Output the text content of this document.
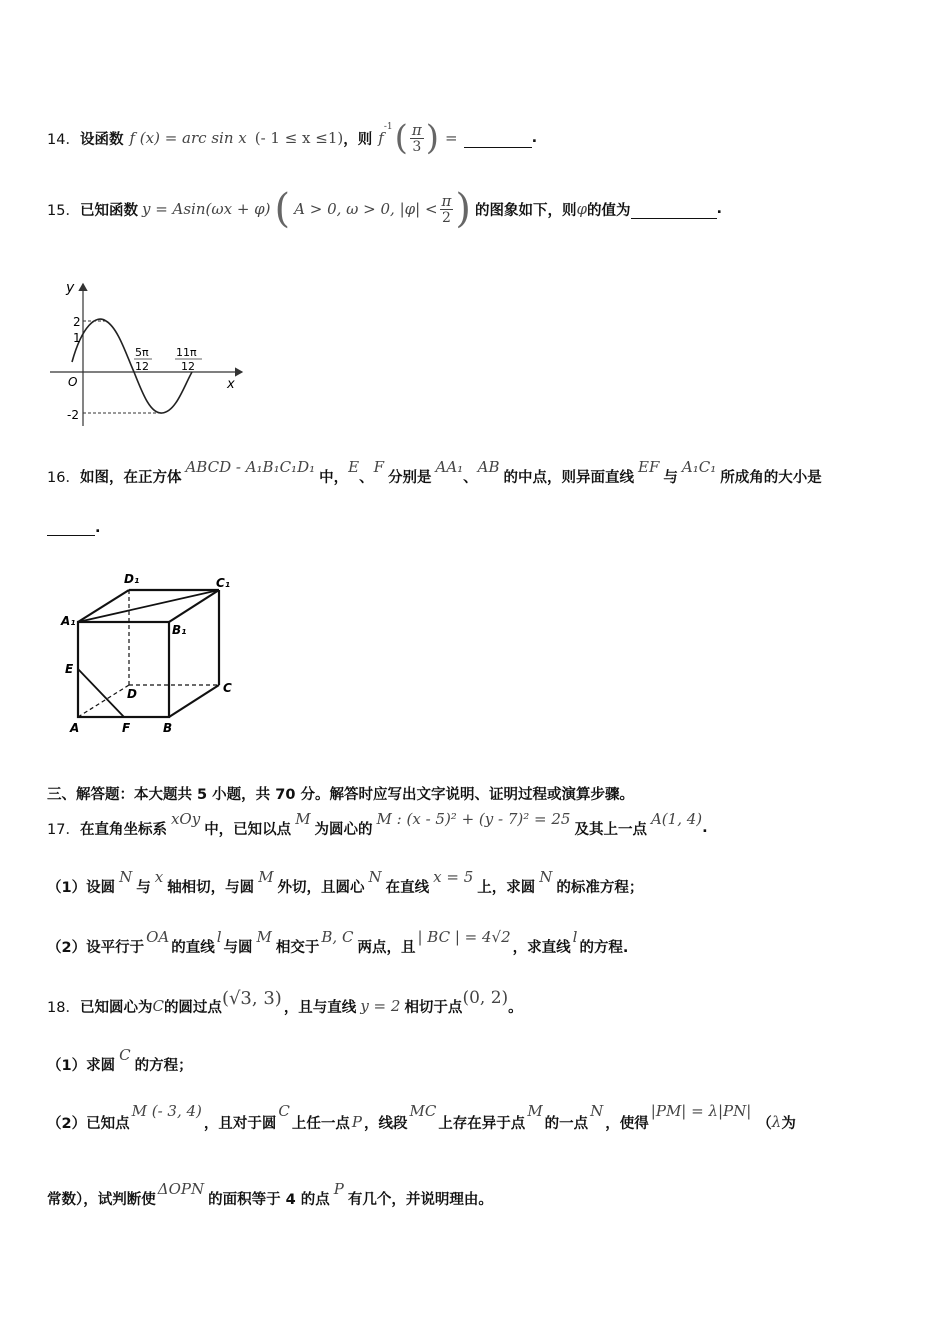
14． 设函数 f (x) = arc sin x (- 1 ≤ x ≤1) ，则 f
$^{-1}$ ( $\frac{\pi}{3}$ ) =	.
15． 已知函数 y = Asin(ωx + φ) ( A > 0, ω > 0, $|\varphi| < \frac{\pi}{2}$ ) 的图象如下，则 φ 的值为	.
y
2
1
-2
O	x
5π
12
11π
12
16． 如图，在正方体
ABCD - A₁B₁C₁D₁
中，
E
、
F
分别是
AA₁
、
AB
的中点，则异面直线
EF
与
A₁C₁
所成角的大小是
.
D₁	C₁
A₁
B₁
E
D	C
A	F	B
三、解答题：本大题共 5 小题，共 70 分。解答时应写出文字说明、证明过程或演算步骤。
17． 在直角坐标系
xOy
中，已知以点
M
为圆心的
M : (x - 5)² + (y - 7)² = 25
及其上一点
A(1, 4) .
（1） 设圆
N
与
x
轴相切，与圆
M
外切，且圆心
N
在直线
x = 5
上，求圆
N
的标准方程；
（2） 设平行于
OA
的直线
l
与圆
M
相交于
B, C
两点，且
| BC | = 4√2
，求直线
l
的方程.
18． 已知圆心为 C 的圆过点 (√3, 3) ，且与直线 y = 2 相切于点 (0, 2) 。
（1） 求圆
C
的方程；
（2） 已知点
M (- 3, 4)
，且对于圆
C
上任一点 P ，线段
MC
上存在异于点
M
的一点
N
，使得
|PM| = λ|PN|
（ λ 为
常数），试判断使
ΔOPN
的面积等于 4 的点
P
有几个，并说明理由。
